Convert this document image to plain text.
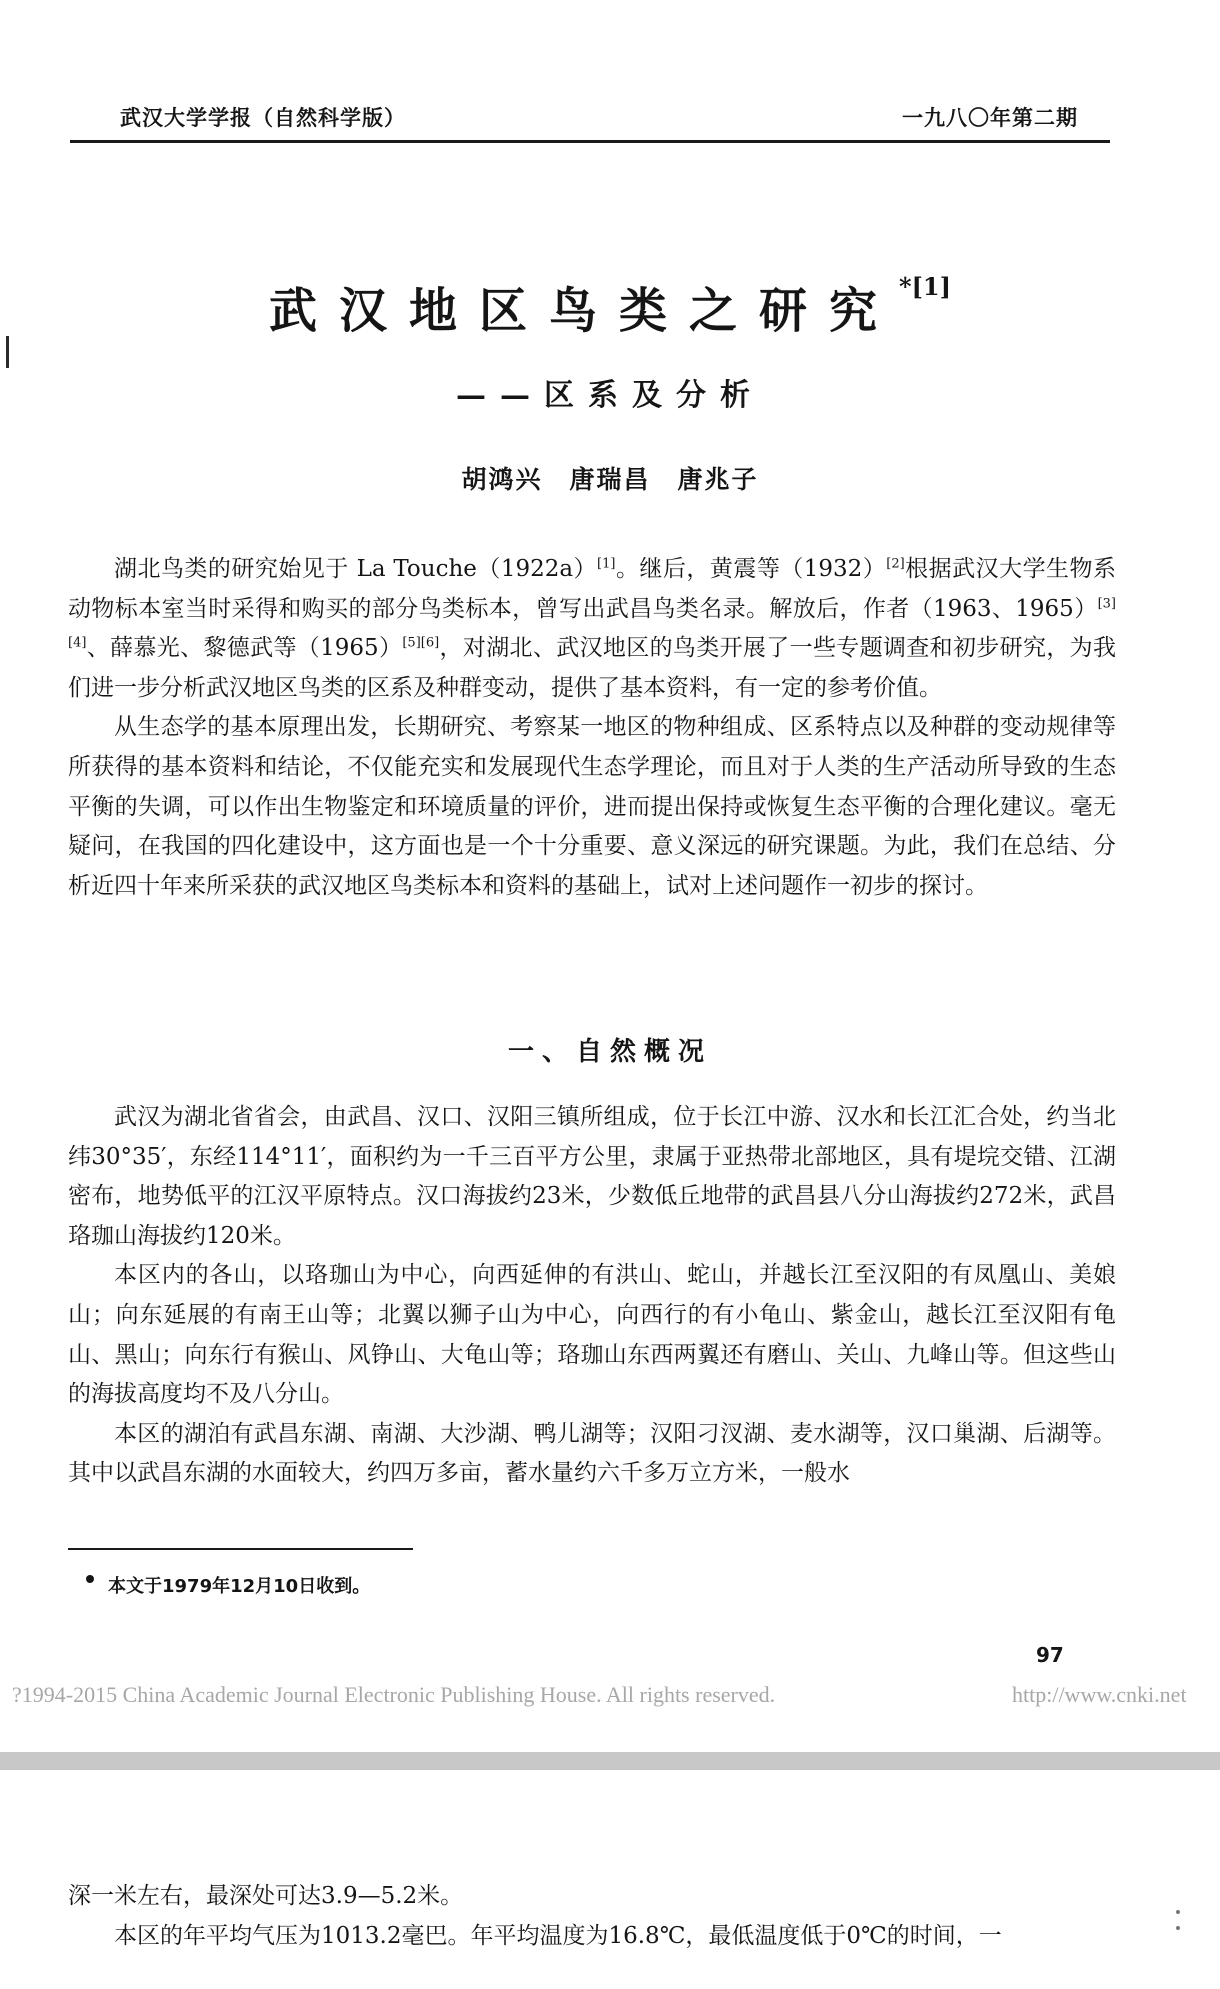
武汉大学学报（自然科学版）	一九八〇年第二期
武汉地区鸟类之研究$^{*[1]}$
——区系及分析
胡鸿兴　唐瑞昌　唐兆子

湖北鸟类的研究始见于 La Touche（1922a）[1]。继后，黄震等（1932）[2]根据武汉大学生物系动物标本室当时采得和购买的部分鸟类标本，曾写出武昌鸟类名录。解放后，作者（1963、1965）[3][4]、薛慕光、黎德武等（1965）[5][6]，对湖北、武汉地区的鸟类开展了一些专题调查和初步研究，为我们进一步分析武汉地区鸟类的区系及种群变动，提供了基本资料，有一定的参考价值。

从生态学的基本原理出发，长期研究、考察某一地区的物种组成、区系特点以及种群的变动规律等所获得的基本资料和结论，不仅能充实和发展现代生态学理论，而且对于人类的生产活动所导致的生态平衡的失调，可以作出生物鉴定和环境质量的评价，进而提出保持或恢复生态平衡的合理化建议。毫无疑问，在我国的四化建设中，这方面也是一个十分重要、意义深远的研究课题。为此，我们在总结、分析近四十年来所采获的武汉地区鸟类标本和资料的基础上，试对上述问题作一初步的探讨。

一、自然概况

武汉为湖北省省会，由武昌、汉口、汉阳三镇所组成，位于长江中游、汉水和长江汇合处，约当北纬30°35′，东经114°11′，面积约为一千三百平方公里，隶属于亚热带北部地区，具有堤垸交错、江湖密布，地势低平的江汉平原特点。汉口海拔约23米，少数低丘地带的武昌县八分山海拔约272米，武昌珞珈山海拔约120米。

本区内的各山，以珞珈山为中心，向西延伸的有洪山、蛇山，并越长江至汉阳的有凤凰山、美娘山；向东延展的有南王山等；北翼以狮子山为中心，向西行的有小龟山、紫金山，越长江至汉阳有龟山、黑山；向东行有猴山、风铮山、大龟山等；珞珈山东西两翼还有磨山、关山、九峰山等。但这些山的海拔高度均不及八分山。

本区的湖泊有武昌东湖、南湖、大沙湖、鸭儿湖等；汉阳刁汊湖、麦水湖等，汉口巢湖、后湖等。其中以武昌东湖的水面较大，约四万多亩，蓄水量约六千多万立方米，一般水

本文于1979年12月10日收到。
97
?1994-2015 China Academic Journal Electronic Publishing House. All rights reserved.	http://www.cnki.net

深一米左右，最深处可达3.9—5.2米。

本区的年平均气压为1013.2毫巴。年平均温度为16.8℃，最低温度低于0℃的时间，一
